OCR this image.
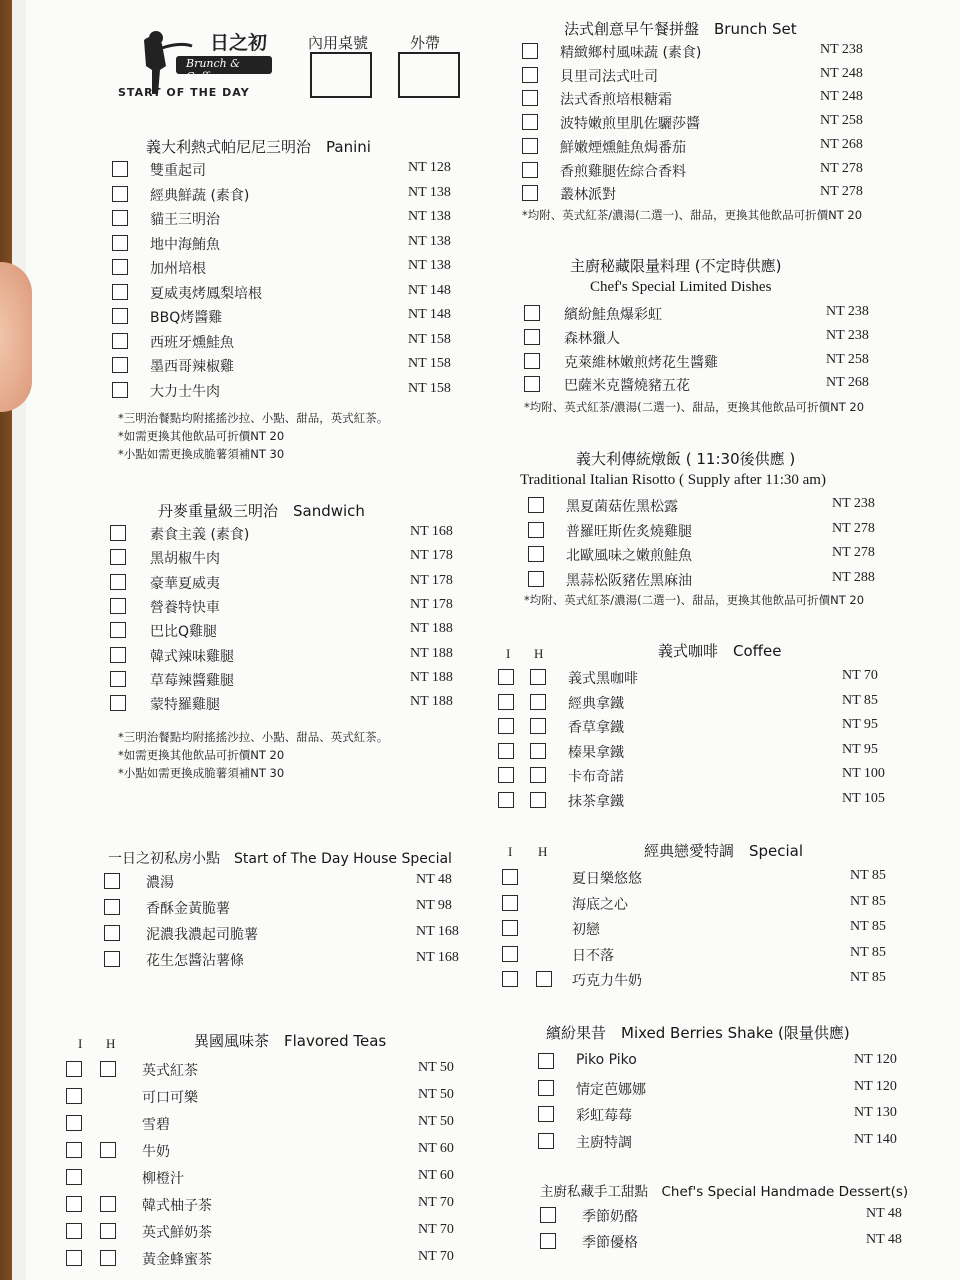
日之初
Brunch & Coffee
START OF THE DAY
內用桌號	外帶
義大利熱式帕尼尼三明治　Panini
雙重起司	NT 128
經典鮮蔬 (素食)	NT 138
貓王三明治	NT 138
地中海鮪魚	NT 138
加州培根	NT 138
夏威夷烤鳳梨培根	NT 148
BBQ烤醬雞	NT 148
西班牙燻鮭魚	NT 158
墨西哥辣椒雞	NT 158
大力士牛肉	NT 158
*三明治餐點均附搖搖沙拉、小點、甜品，英式紅茶。
*如需更換其他飲品可折價NT 20
*小點如需更換成脆薯須補NT 30
丹麥重量級三明治　Sandwich
素食主義 (素食)	NT 168
黑胡椒牛肉	NT 178
豪華夏威夷	NT 178
營養特快車	NT 178
巴比Q雞腿	NT 188
韓式辣味雞腿	NT 188
草莓辣醬雞腿	NT 188
蒙特羅雞腿	NT 188
*三明治餐點均附搖搖沙拉、小點、甜品、英式紅茶。
*如需更換其他飲品可折價NT 20
*小點如需更換成脆薯須補NT 30
一日之初私房小點　Start of The Day House Special
濃湯	NT 48
香酥金黃脆薯	NT 98
泥濃我濃起司脆薯	NT 168
花生怎醬沾薯條	NT 168
I H	異國風味茶　Flavored Teas
英式紅茶	NT 50
可口可樂	NT 50
雪碧	NT 50
牛奶	NT 60
柳橙汁	NT 60
韓式柚子茶	NT 70
英式鮮奶茶	NT 70
黃金蜂蜜茶	NT 70
法式創意早午餐拼盤　Brunch Set
精緻鄉村風味蔬 (素食)	NT 238
貝里司法式吐司	NT 248
法式香煎培根糖霜	NT 248
波特嫩煎里肌佐驪莎醬	NT 258
鮮嫩煙燻鮭魚焗番茄	NT 268
香煎雞腿佐綜合香料	NT 278
叢林派對	NT 278
*均附、英式紅茶/濃湯(二選一)、甜品，更換其他飲品可折價NT 20
主廚秘藏限量料理 (不定時供應)
Chef's Special Limited Dishes
繽紛鮭魚爆彩虹	NT 238
森林獵人	NT 238
克萊維林嫩煎烤花生醬雞	NT 258
巴薩米克醬燒豬五花	NT 268
*均附、英式紅茶/濃湯(二選一)、甜品，更換其他飲品可折價NT 20
義大利傳統燉飯 ( 11:30後供應 )
Traditional Italian Risotto ( Supply after 11:30 am)
黑夏菌菇佐黑松露	NT 238
普羅旺斯佐炙燒雞腿	NT 278
北歐風味之嫩煎鮭魚	NT 278
黑蒜松阪豬佐黑麻油	NT 288
*均附、英式紅茶/濃湯(二選一)、甜品，更換其他飲品可折價NT 20
I H	義式咖啡　Coffee
義式黑咖啡	NT 70
經典拿鐵	NT 85
香草拿鐵	NT 95
榛果拿鐵	NT 95
卡布奇諾	NT 100
抹茶拿鐵	NT 105
I H	經典戀愛特調　Special
夏日樂悠悠	NT 85
海底之心	NT 85
初戀	NT 85
日不落	NT 85
巧克力牛奶	NT 85
繽紛果昔　Mixed Berries Shake (限量供應)
Piko Piko	NT 120
情定芭娜娜	NT 120
彩虹莓莓	NT 130
主廚特調	NT 140
主廚私藏手工甜點　Chef's Special Handmade Dessert(s)
季節奶酪	NT 48
季節優格	NT 48
